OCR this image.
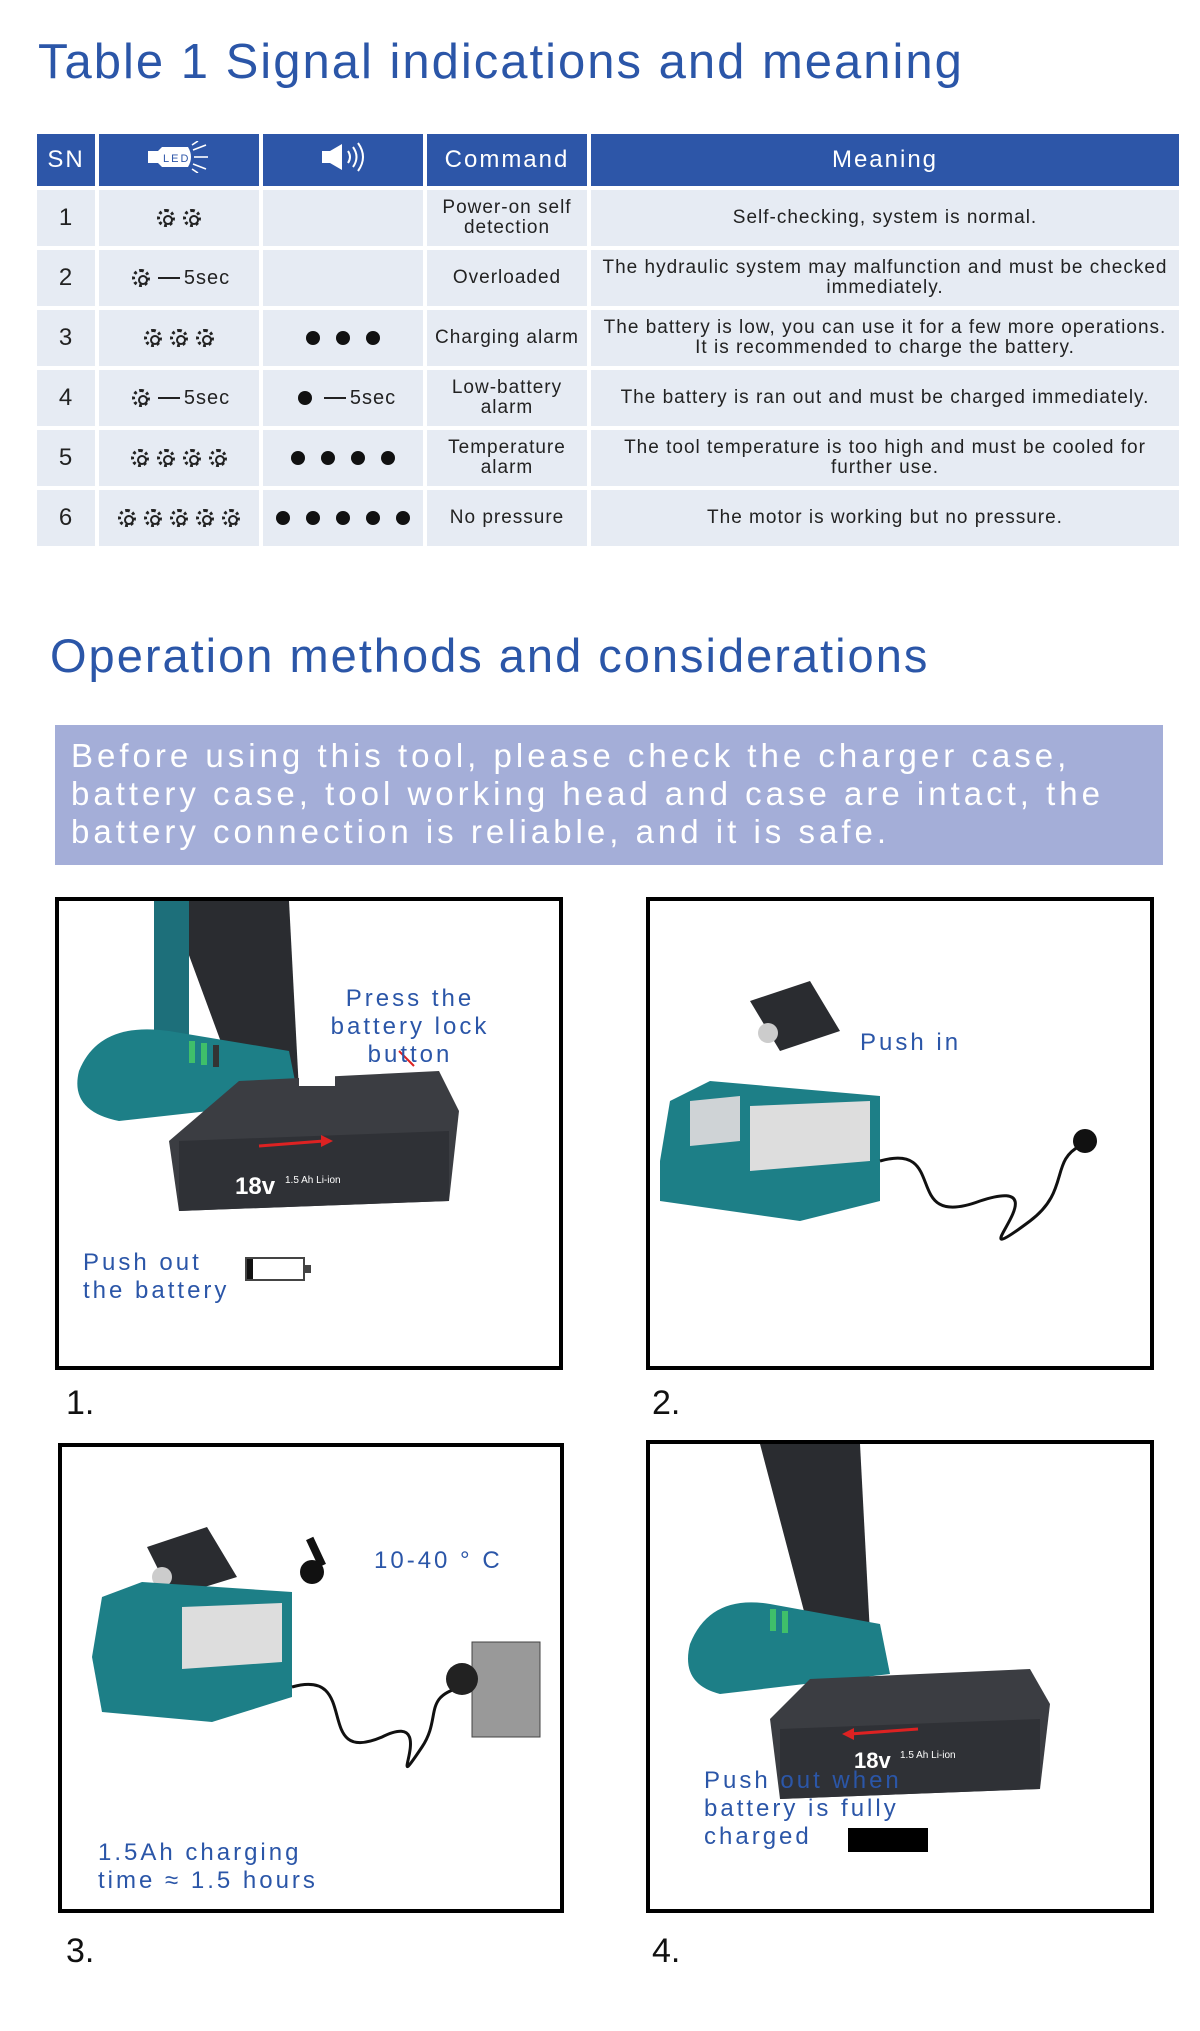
Table 1 Signal indications and meaning
SN	LED		Command	Meaning
1			Power-on self detection	Self-checking, system is normal.
2	5sec		Overloaded	The hydraulic system may malfunction and must be checked immediately.
3			Charging alarm	The battery is low, you can use it for a few more operations. It is recommended to charge the battery.
4	5sec	5sec	Low-battery alarm	The battery is ran out and must be charged immediately.
5			Temperature alarm	The tool temperature is too high and must be cooled for further use.
6			No pressure	The motor is working but no pressure.
Operation methods and considerations
Before using this tool, please check the charger case, battery case, tool working head and case are intact, the battery connection is reliable, and it is safe.
Press the battery lock button
18v 1.5 Ah Li-ion
Push out the battery
1.
Push in
2.
10-40 ° C
1.5Ah charging time ≈ 1.5 hours
3.
18v 1.5 Ah Li-ion
Push out when battery is fully charged
4.
